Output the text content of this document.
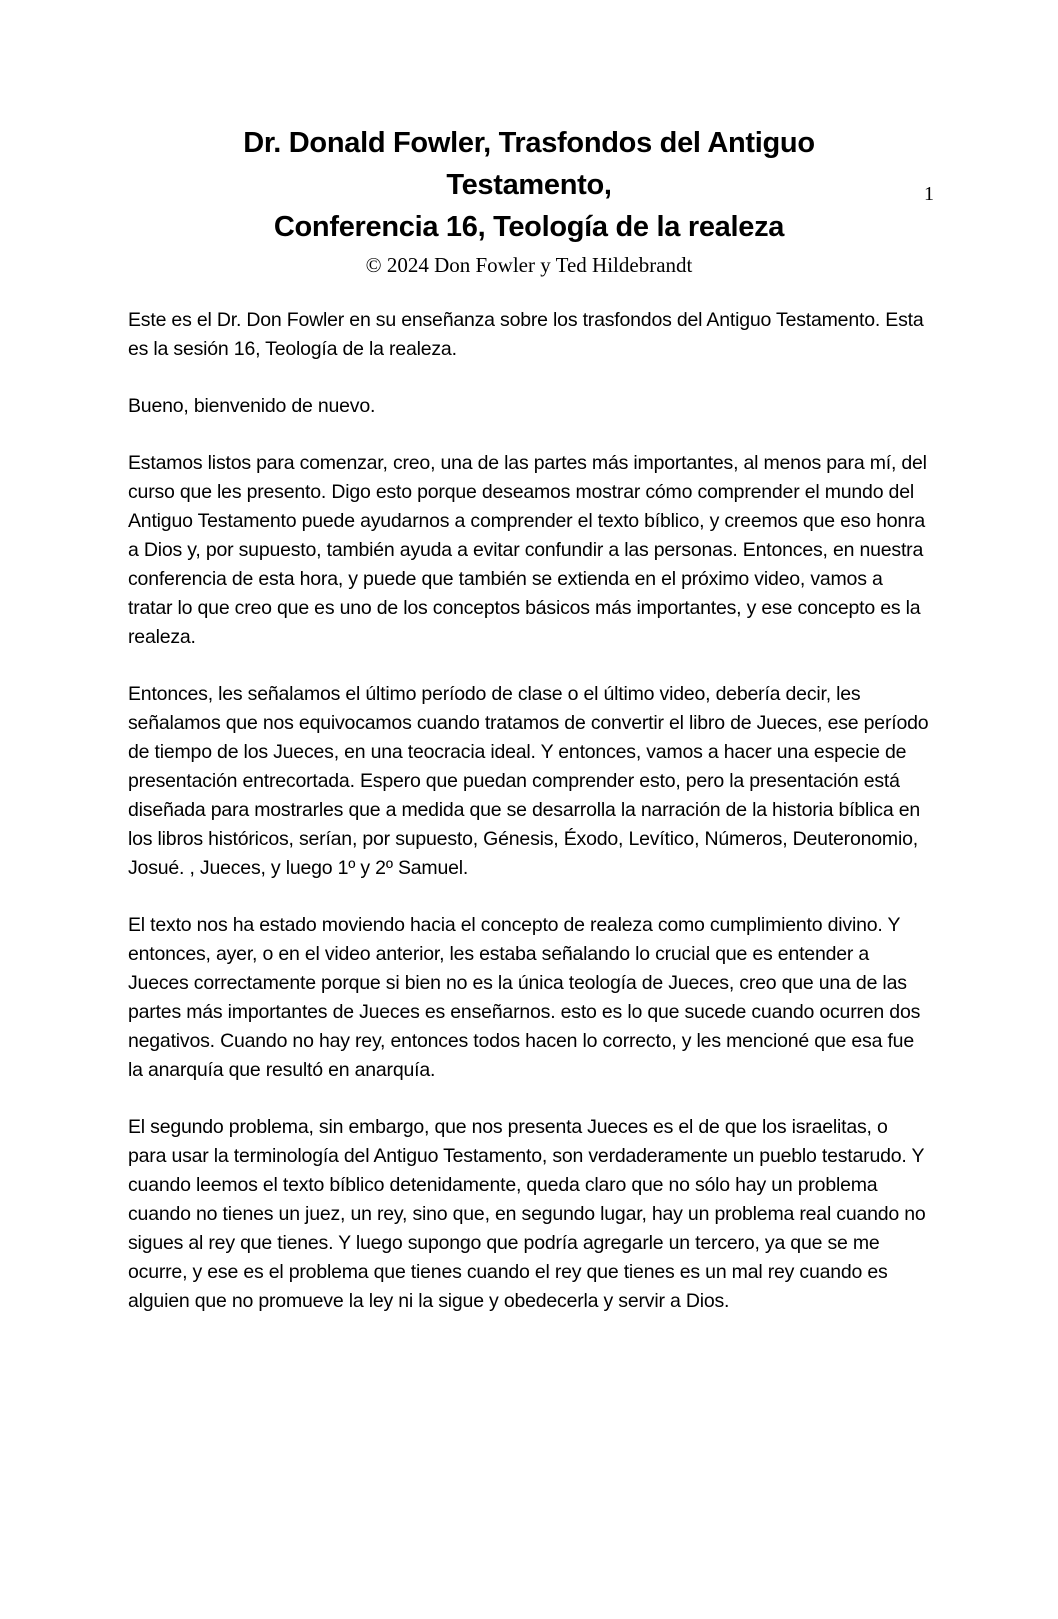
1
Dr. Donald Fowler, Trasfondos del Antiguo
Testamento,
Conferencia 16, Teología de la realeza
© 2024 Don Fowler y Ted Hildebrandt

Este es el Dr. Don Fowler en su enseñanza sobre los trasfondos del Antiguo Testamento. Esta es la sesión 16, Teología de la realeza.

Bueno, bienvenido de nuevo.

Estamos listos para comenzar, creo, una de las partes más importantes, al menos para mí, del curso que les presento. Digo esto porque deseamos mostrar cómo comprender el mundo del Antiguo Testamento puede ayudarnos a comprender el texto bíblico, y creemos que eso honra a Dios y, por supuesto, también ayuda a evitar confundir a las personas. Entonces, en nuestra conferencia de esta hora, y puede que también se extienda en el próximo video, vamos a tratar lo que creo que es uno de los conceptos básicos más importantes, y ese concepto es la realeza.

Entonces, les señalamos el último período de clase o el último video, debería decir, les señalamos que nos equivocamos cuando tratamos de convertir el libro de Jueces, ese período de tiempo de los Jueces, en una teocracia ideal. Y entonces, vamos a hacer una especie de presentación entrecortada. Espero que puedan comprender esto, pero la presentación está diseñada para mostrarles que a medida que se desarrolla la narración de la historia bíblica en los libros históricos, serían, por supuesto, Génesis, Éxodo, Levítico, Números, Deuteronomio, Josué. , Jueces, y luego 1º y 2º Samuel.

El texto nos ha estado moviendo hacia el concepto de realeza como cumplimiento divino. Y entonces, ayer, o en el video anterior, les estaba señalando lo crucial que es entender a Jueces correctamente porque si bien no es la única teología de Jueces, creo que una de las partes más importantes de Jueces es enseñarnos. esto es lo que sucede cuando ocurren dos negativos. Cuando no hay rey, entonces todos hacen lo correcto, y les mencioné que esa fue la anarquía que resultó en anarquía.

El segundo problema, sin embargo, que nos presenta Jueces es el de que los israelitas, o para usar la terminología del Antiguo Testamento, son verdaderamente un pueblo testarudo. Y cuando leemos el texto bíblico detenidamente, queda claro que no sólo hay un problema cuando no tienes un juez, un rey, sino que, en segundo lugar, hay un problema real cuando no sigues al rey que tienes. Y luego supongo que podría agregarle un tercero, ya que se me ocurre, y ese es el problema que tienes cuando el rey que tienes es un mal rey cuando es alguien que no promueve la ley ni la sigue y obedecerla y servir a Dios.
